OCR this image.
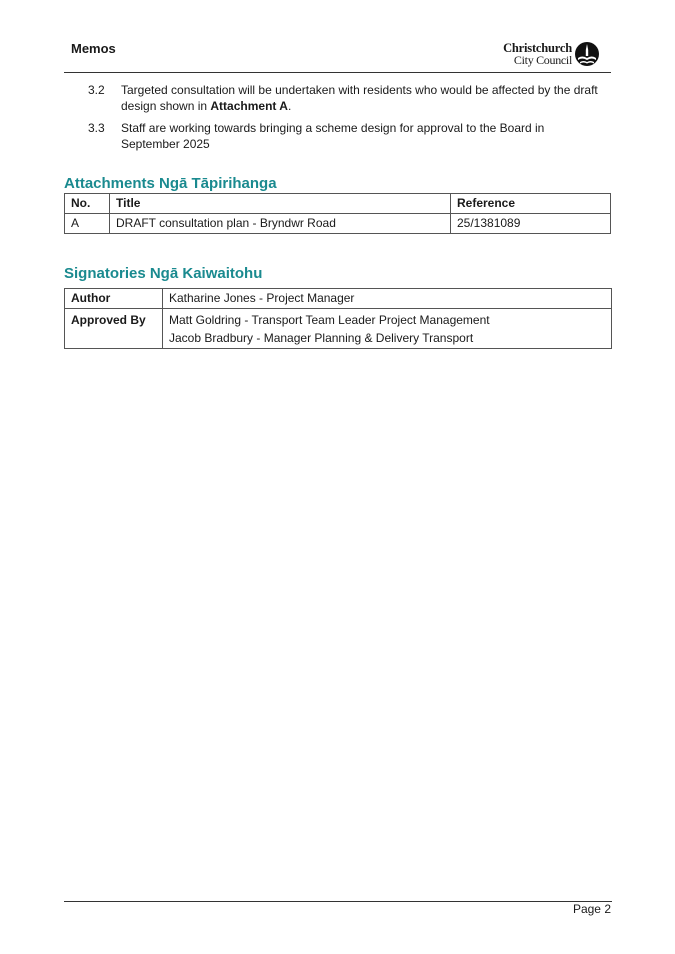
Memos	Christchurch
City Council
3.2 Targeted consultation will be undertaken with residents who would be affected by the draft design shown in Attachment A.
3.3 Staff are working towards bringing a scheme design for approval to the Board in September 2025
Attachments Ngā Tāpirihanga
No.	Title	Reference
A	DRAFT consultation plan - Bryndwr Road	25/1381089
Signatories Ngā Kaiwaitohu
Author	Katharine Jones - Project Manager
Approved By	Matt Goldring - Transport Team Leader Project Management
Jacob Bradbury - Manager Planning & Delivery Transport
Page 2
